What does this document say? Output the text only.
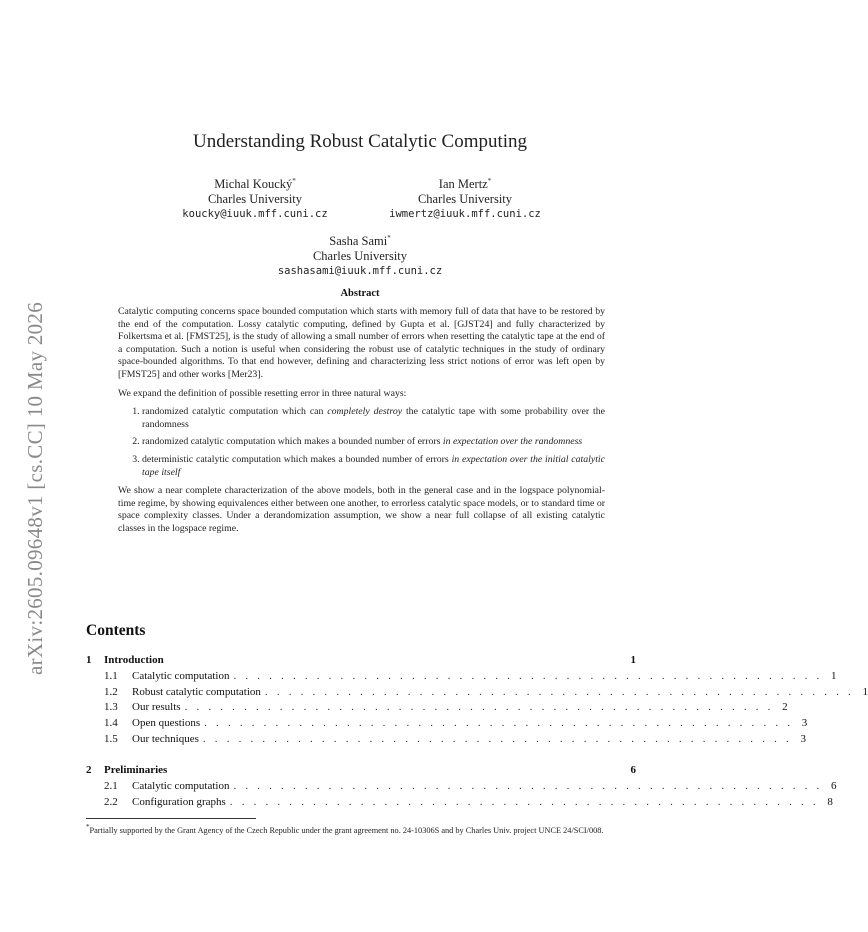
arXiv:2605.09648v1 [cs.CC] 10 May 2026
Understanding Robust Catalytic Computing
Michal Koucký*
Charles University
koucky@iuuk.mff.cuni.cz
Ian Mertz*
Charles University
iwmertz@iuuk.mff.cuni.cz
Sasha Sami*
Charles University
sashasami@iuuk.mff.cuni.cz
Abstract

Catalytic computing concerns space bounded computation which starts with memory full of data that have to be restored by the end of the computation. Lossy catalytic computing, defined by Gupta et al. [GJST24] and fully characterized by Folkertsma et al. [FMST25], is the study of allowing a small number of errors when resetting the catalytic tape at the end of a computation. Such a notion is useful when considering the robust use of catalytic techniques in the study of ordinary space-bounded algorithms. To that end however, defining and characterizing less strict notions of error was left open by [FMST25] and other works [Mer23].

We expand the definition of possible resetting error in three natural ways:

1. randomized catalytic computation which can completely destroy the catalytic tape with some probability over the randomness
2. randomized catalytic computation which makes a bounded number of errors in expectation over the randomness
3. deterministic catalytic computation which makes a bounded number of errors in expectation over the initial catalytic tape itself

We show a near complete characterization of the above models, both in the general case and in the logspace polynomial-time regime, by showing equivalences either between one another, to errorless catalytic space models, or to standard time or space complexity classes. Under a derandomization assumption, we show a near full collapse of all existing catalytic classes in the logspace regime.

Contents
1	Introduction	1
1.1	Catalytic computation . . . . . . . . . . . . . . . . . . . . . . . . . . . . . . . . . . . . . . . . . . . . . . . . . . 1
1.2	Robust catalytic computation . . . . . . . . . . . . . . . . . . . . . . . . . . . . . . . . . . . . . . . . . . . . . . . . . . 1
1.3	Our results . . . . . . . . . . . . . . . . . . . . . . . . . . . . . . . . . . . . . . . . . . . . . . . . . . 2
1.4	Open questions . . . . . . . . . . . . . . . . . . . . . . . . . . . . . . . . . . . . . . . . . . . . . . . . . . 3
1.5	Our techniques . . . . . . . . . . . . . . . . . . . . . . . . . . . . . . . . . . . . . . . . . . . . . . . . . . 3
2	Preliminaries	6
2.1	Catalytic computation . . . . . . . . . . . . . . . . . . . . . . . . . . . . . . . . . . . . . . . . . . . . . . . . . . 6
2.2	Configuration graphs . . . . . . . . . . . . . . . . . . . . . . . . . . . . . . . . . . . . . . . . . . . . . . . . . . 8
*Partially supported by the Grant Agency of the Czech Republic under the grant agreement no. 24-10306S and by Charles Univ. project UNCE 24/SCI/008.
